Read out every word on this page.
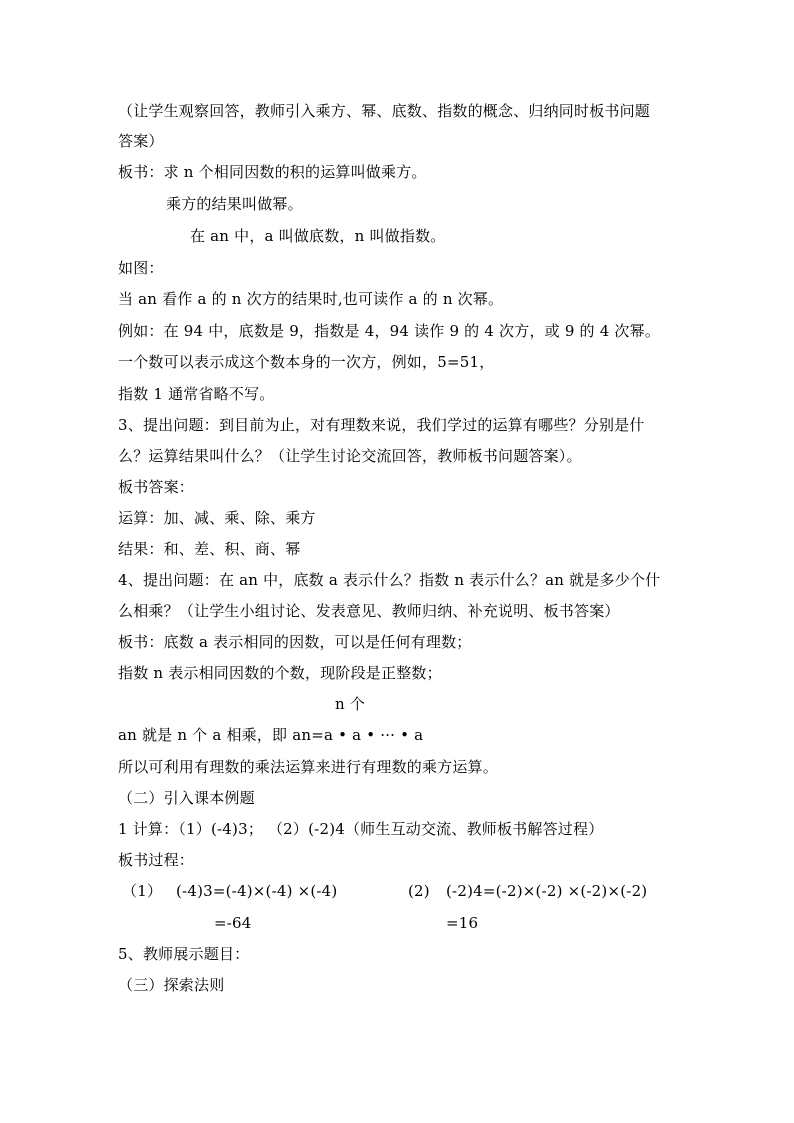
（让学生观察回答，教师引入乘方、幂、底数、指数的概念、归纳同时板书问题
答案）
板书：求 n 个相同因数的积的运算叫做乘方。
乘方的结果叫做幂。
在 an 中，a 叫做底数，n 叫做指数。
如图：
当 an 看作 a 的 n 次方的结果时,也可读作 a 的 n 次幂。
例如：在 94 中，底数是 9，指数是 4，94 读作 9 的 4 次方，或 9 的 4 次幂。
一个数可以表示成这个数本身的一次方，例如，5=51，
指数 1 通常省略不写。
3、提出问题：到目前为止，对有理数来说，我们学过的运算有哪些？分别是什
么？运算结果叫什么？（让学生讨论交流回答，教师板书问题答案）。
板书答案：
运算：加、减、乘、除、乘方
结果：和、差、积、商、幂
4、提出问题：在 an 中，底数 a 表示什么？指数 n 表示什么？an 就是多少个什
么相乘？（让学生小组讨论、发表意见、教师归纳、补充说明、板书答案）
板书：底数 a 表示相同的因数，可以是任何有理数；
指数 n 表示相同因数的个数，现阶段是正整数；
n 个
an 就是 n 个 a 相乘，即 an=a • a • ··· • a
所以可利用有理数的乘法运算来进行有理数的乘方运算。
（二）引入课本例题
1 计算：（1）(-4)3； （2）(-2)4（师生互动交流、教师板书解答过程）
板书过程：
（1） (-4)3=(-4)×(-4) ×(-4)	(2) (-2)4=(-2)×(-2) ×(-2)×(-2)
=-64	=16
5、教师展示题目：
（三）探索法则
